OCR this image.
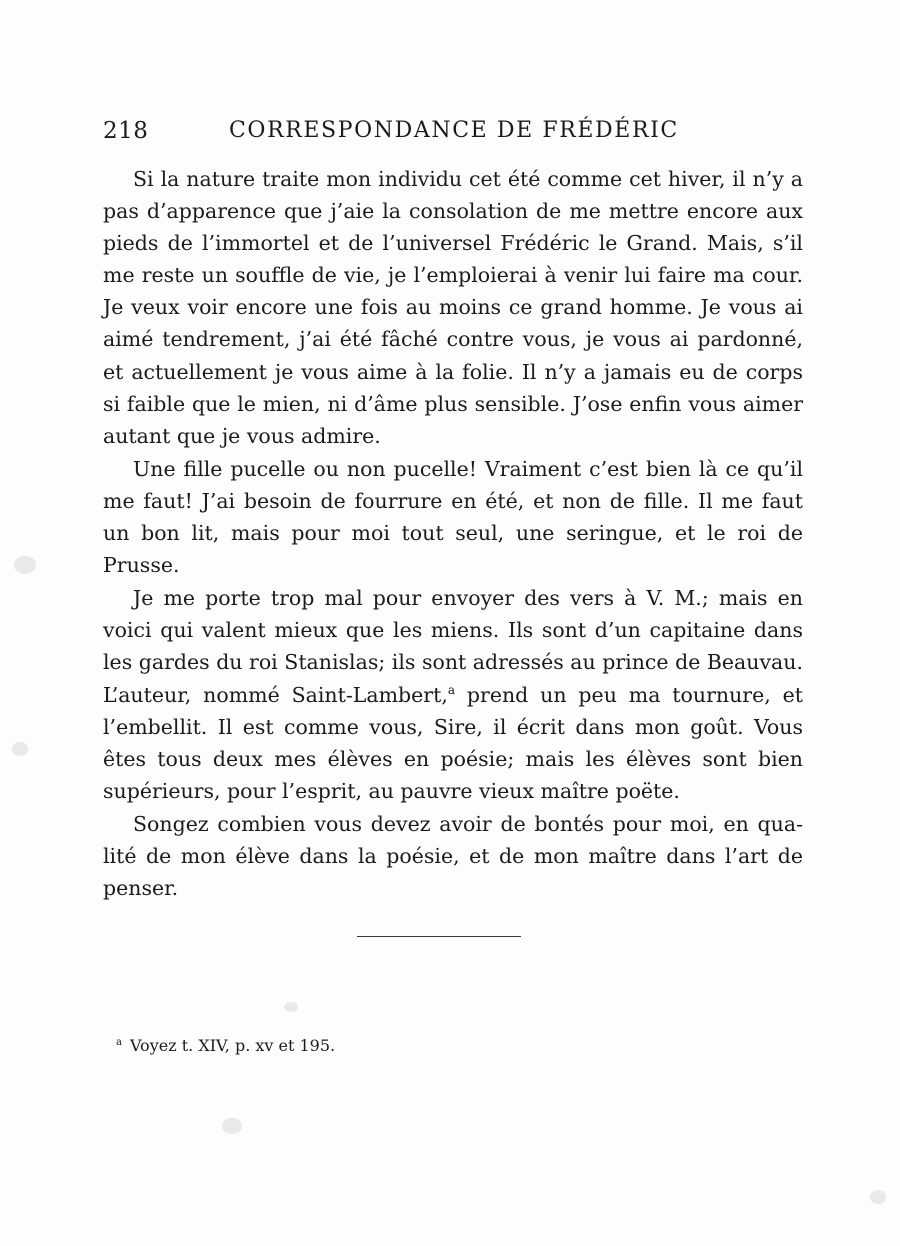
218	CORRESPONDANCE DE FRÉDÉRIC

Si la nature traite mon individu cet été comme cet hiver, il n’y a pas d’apparence que j’aie la consolation de me mettre encore aux pieds de l’immortel et de l’universel Frédéric le Grand. Mais, s’il me reste un souffle de vie, je l’emploierai à venir lui faire ma cour. Je veux voir encore une fois au moins ce grand homme. Je vous ai aimé tendrement, j’ai été fâché contre vous, je vous ai pardonné, et actuellement je vous aime à la folie. Il n’y a jamais eu de corps si faible que le mien, ni d’âme plus sensible. J’ose enfin vous aimer autant que je vous admire.

Une fille pucelle ou non pucelle! Vraiment c’est bien là ce qu’il me faut! J’ai besoin de fourrure en été, et non de fille. Il me faut un bon lit, mais pour moi tout seul, une seringue, et le roi de Prusse.

Je me porte trop mal pour envoyer des vers à V. M.; mais en voici qui valent mieux que les miens. Ils sont d’un capitaine dans les gardes du roi Stanislas; ils sont adressés au prince de Beauvau. L’auteur, nommé Saint-Lambert,$^a$ prend un peu ma tournure, et l’embellit. Il est comme vous, Sire, il écrit dans mon goût. Vous êtes tous deux mes élèves en poésie; mais les élèves sont bien supérieurs, pour l’esprit, au pauvre vieux maître poëte.

Songez combien vous devez avoir de bontés pour moi, en qualité de mon élève dans la poésie, et de mon maître dans l’art de penser.

$^a$ Voyez t. XIV, p. xv et 195.
